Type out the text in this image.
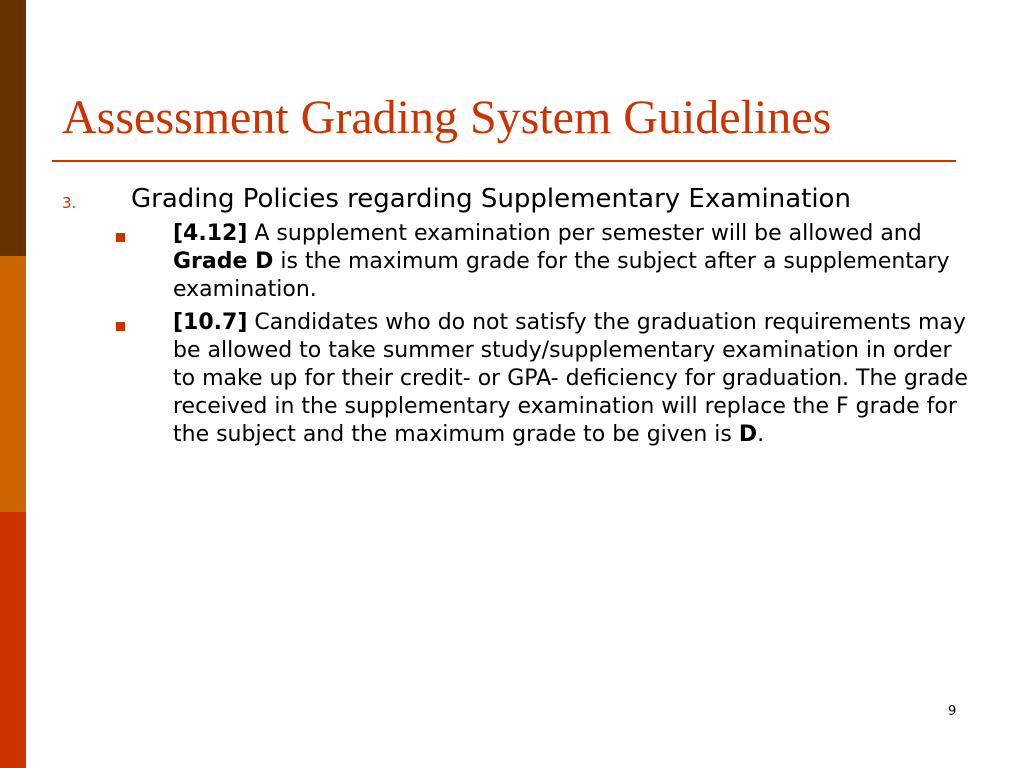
Assessment Grading System Guidelines
3. Grading Policies regarding Supplementary Examination
[4.12] A supplement examination per semester will be allowed and Grade D is the maximum grade for the subject after a supplementary examination.
[10.7] Candidates who do not satisfy the graduation requirements may be allowed to take summer study/supplementary examination in order to make up for their credit- or GPA- deficiency for graduation. The grade received in the supplementary examination will replace the F grade for the subject and the maximum grade to be given is D.
9
